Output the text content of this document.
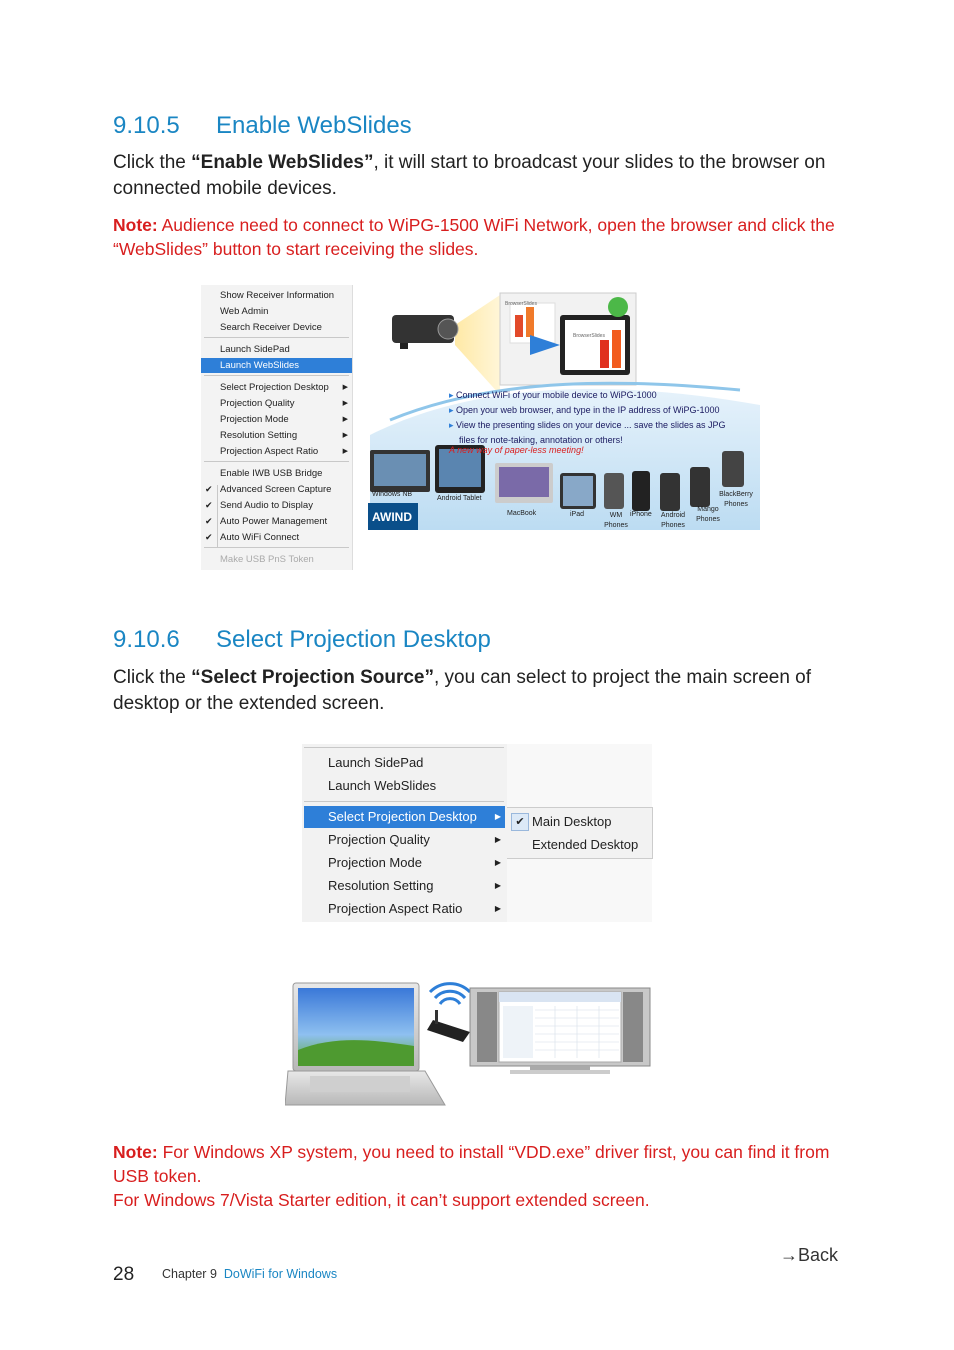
9.10.5 Enable WebSlides

Click the “Enable WebSlides”, it will start to broadcast your slides to the browser on connected mobile devices.

Note: Audience need to connect to WiPG-1500 WiFi Network, open the browser and click the “WebSlides” button to start receiving the slides.

Show Receiver Information
Web Admin
Search Receiver Device
Launch SidePad
Launch WebSlides
Select Projection Desktop ▶
Projection Quality	▶
Projection Mode	▶
Resolution Setting	▶
Projection Aspect Ratio	▶
Enable IWB USB Bridge
✔ Advanced Screen Capture
✔ Send Audio to Display
✔ Auto Power Management
✔ Auto WiFi Connect
Make USB PnS Token
AWIND
▸ Connect WiFi of your mobile device to WiPG-1000
▸ Open your web browser, and type in the IP address of WiPG-1000
▸ View the presenting slides on your device ... save the slides as JPG
files for note-taking, annotation or others!
A new way of paper-less meeting!
BrowserSlides
BrowserSlides
Windows NB
Android Tablet
MacBook	iPad	WM Phones
iPhone	Android Phones
Mango Phones
BlackBerry Phones
9.10.6 Select Projection Desktop

Click the “Select Projection Source”, you can select to project the main screen of desktop or the extended screen.

Launch SidePad
Launch WebSlides
Select Projection Desktop ▶
Projection Quality	▶
Projection Mode	▶
Resolution Setting	▶
Projection Aspect Ratio	▶
✔ Main Desktop
Extended Desktop

Note: For Windows XP system, you need to install “VDD.exe” driver first, you can find it from USB token.
For Windows 7/Vista Starter edition, it can’t support extended screen.

→Back
28 Chapter 9 DoWiFi for Windows
